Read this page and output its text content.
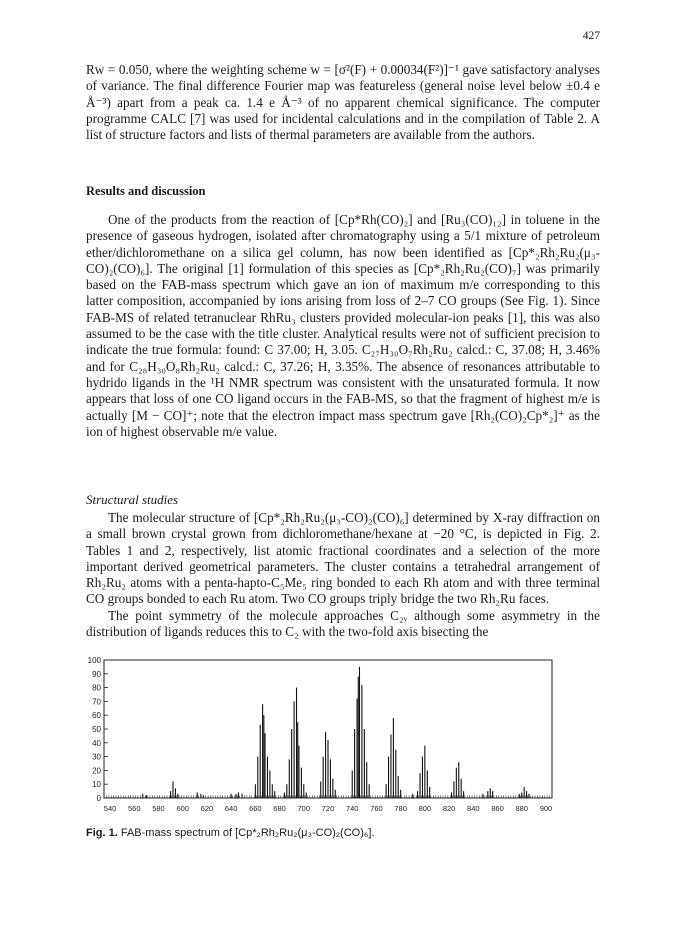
427

Rw = 0.050, where the weighting scheme w = [σ²(F) + 0.00034(F²)]⁻¹ gave satisfactory analyses of variance. The final difference Fourier map was featureless (general noise level below ±0.4 e Å⁻³) apart from a peak ca. 1.4 e Å⁻³ of no apparent chemical significance. The computer programme CALC [7] was used for incidental calculations and in the compilation of Table 2. A list of structure factors and lists of thermal parameters are available from the authors.

Results and discussion

One of the products from the reaction of [Cp*Rh(CO)₂] and [Ru₃(CO)₁₂] in toluene in the presence of gaseous hydrogen, isolated after chromatography using a 5/1 mixture of petroleum ether/dichloromethane on a silica gel column, has now been identified as [Cp*₂Rh₂Ru₂(μ₃-CO)₂(CO)₆]. The original [1] formulation of this species as [Cp*₂Rh₂Ru₂(CO)₇] was primarily based on the FAB-mass spectrum which gave an ion of maximum m/e corresponding to this latter composition, accompanied by ions arising from loss of 2–7 CO groups (See Fig. 1). Since FAB-MS of related tetranuclear RhRu₃ clusters provided molecular-ion peaks [1], this was also assumed to be the case with the title cluster. Analytical results were not of sufficient precision to indicate the true formula: found: C 37.00; H, 3.05. C₂₇H₃₀O₇Rh₂Ru₂ calcd.: C, 37.08; H, 3.46% and for C₂₈H₃₀O₈Rh₂Ru₂ calcd.: C, 37.26; H, 3.35%. The absence of resonances attributable to hydrido ligands in the ¹H NMR spectrum was consistent with the unsaturated formula. It now appears that loss of one CO ligand occurs in the FAB-MS, so that the fragment of highest m/e is actually [M − CO]⁺; note that the electron impact mass spectrum gave [Rh₂(CO)₂Cp*₂]⁺ as the ion of highest observable m/e value.

Structural studies

The molecular structure of [Cp*₂Rh₂Ru₂(μ₃-CO)₂(CO)₆] determined by X-ray diffraction on a small brown crystal grown from dichloromethane/hexane at −20 °C, is depicted in Fig. 2. Tables 1 and 2, respectively, list atomic fractional coordinates and a selection of the more important derived geometrical parameters. The cluster contains a tetrahedral arrangement of Rh₂Ru₂ atoms with a penta-hapto-C₅Me₅ ring bonded to each Rh atom and with three terminal CO groups bonded to each Ru atom. Two CO groups triply bridge the two Rh₂Ru faces.

The point symmetry of the molecule approaches C₂ᵥ although some asymmetry in the distribution of ligands reduces this to C₂ with the two-fold axis bisecting the

0
10
20
30
40
50
60
70
80
90
100
540 560 580 600 620 640 660 680 700 720 740 760 780 800 820 840 860 880 900
Fig. 1. FAB-mass spectrum of [Cp*₂Rh₂Ru₂(μ₃-CO)₂(CO)₆].
